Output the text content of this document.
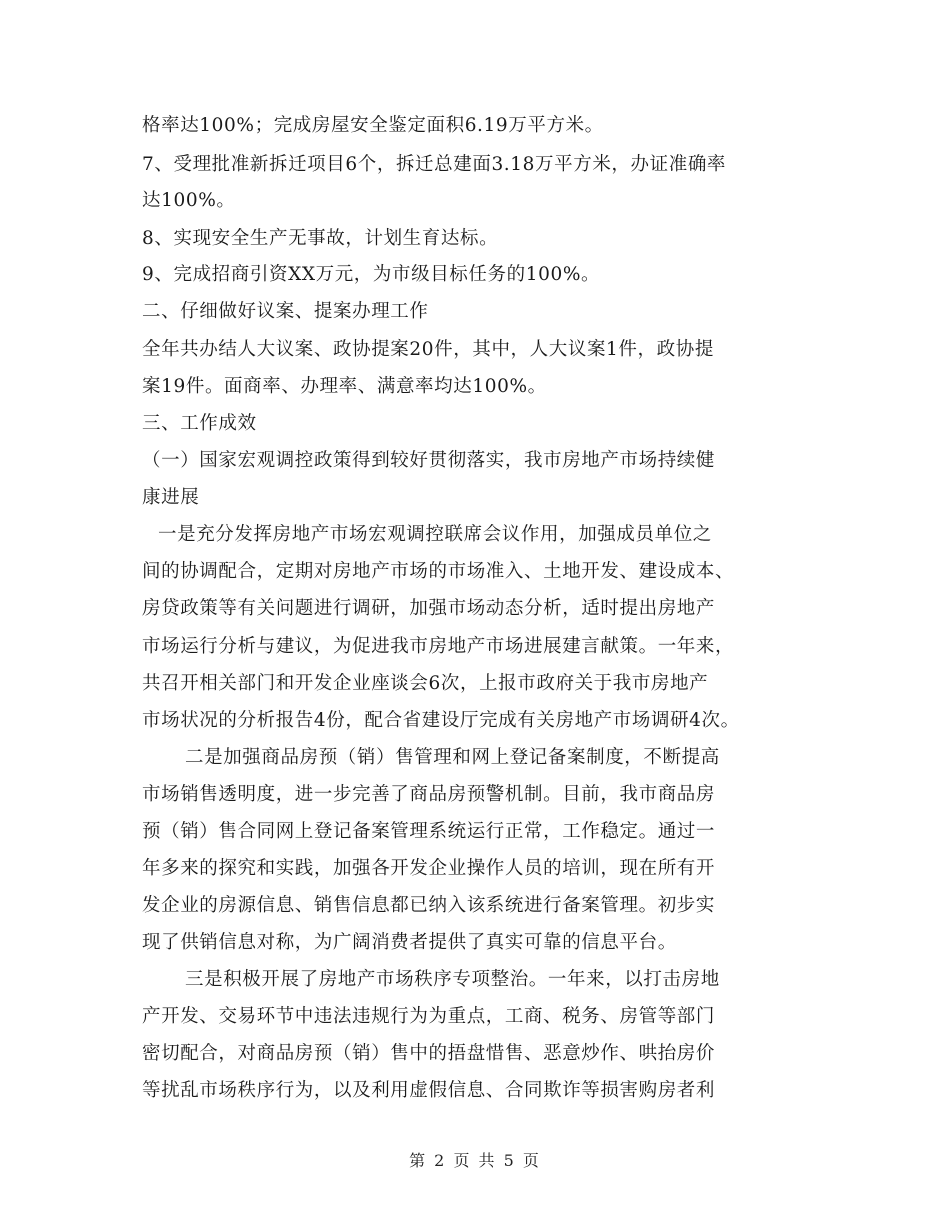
格率达100%；完成房屋安全鉴定面积6.19万平方米。
7、受理批准新拆迁项目6个，拆迁总建面3.18万平方米，办证准确率
达100%。
8、实现安全生产无事故，计划生育达标。
9、完成招商引资XX万元，为市级目标任务的100%。
二、仔细做好议案、提案办理工作
全年共办结人大议案、政协提案20件，其中，人大议案1件，政协提
案19件。面商率、办理率、满意率均达100%。
三、工作成效
（一）国家宏观调控政策得到较好贯彻落实，我市房地产市场持续健
康进展
一是充分发挥房地产市场宏观调控联席会议作用，加强成员单位之
间的协调配合，定期对房地产市场的市场准入、土地开发、建设成本、
房贷政策等有关问题进行调研，加强市场动态分析，适时提出房地产
市场运行分析与建议，为促进我市房地产市场进展建言献策。一年来，
共召开相关部门和开发企业座谈会6次，上报市政府关于我市房地产
市场状况的分析报告4份，配合省建设厅完成有关房地产市场调研4次。
二是加强商品房预（销）售管理和网上登记备案制度，不断提高
市场销售透明度，进一步完善了商品房预警机制。目前，我市商品房
预（销）售合同网上登记备案管理系统运行正常，工作稳定。通过一
年多来的探究和实践，加强各开发企业操作人员的培训，现在所有开
发企业的房源信息、销售信息都已纳入该系统进行备案管理。初步实
现了供销信息对称，为广阔消费者提供了真实可靠的信息平台。
三是积极开展了房地产市场秩序专项整治。一年来，以打击房地
产开发、交易环节中违法违规行为为重点，工商、税务、房管等部门
密切配合，对商品房预（销）售中的捂盘惜售、恶意炒作、哄抬房价
等扰乱市场秩序行为，以及利用虚假信息、合同欺诈等损害购房者利
第 2 页 共 5 页
